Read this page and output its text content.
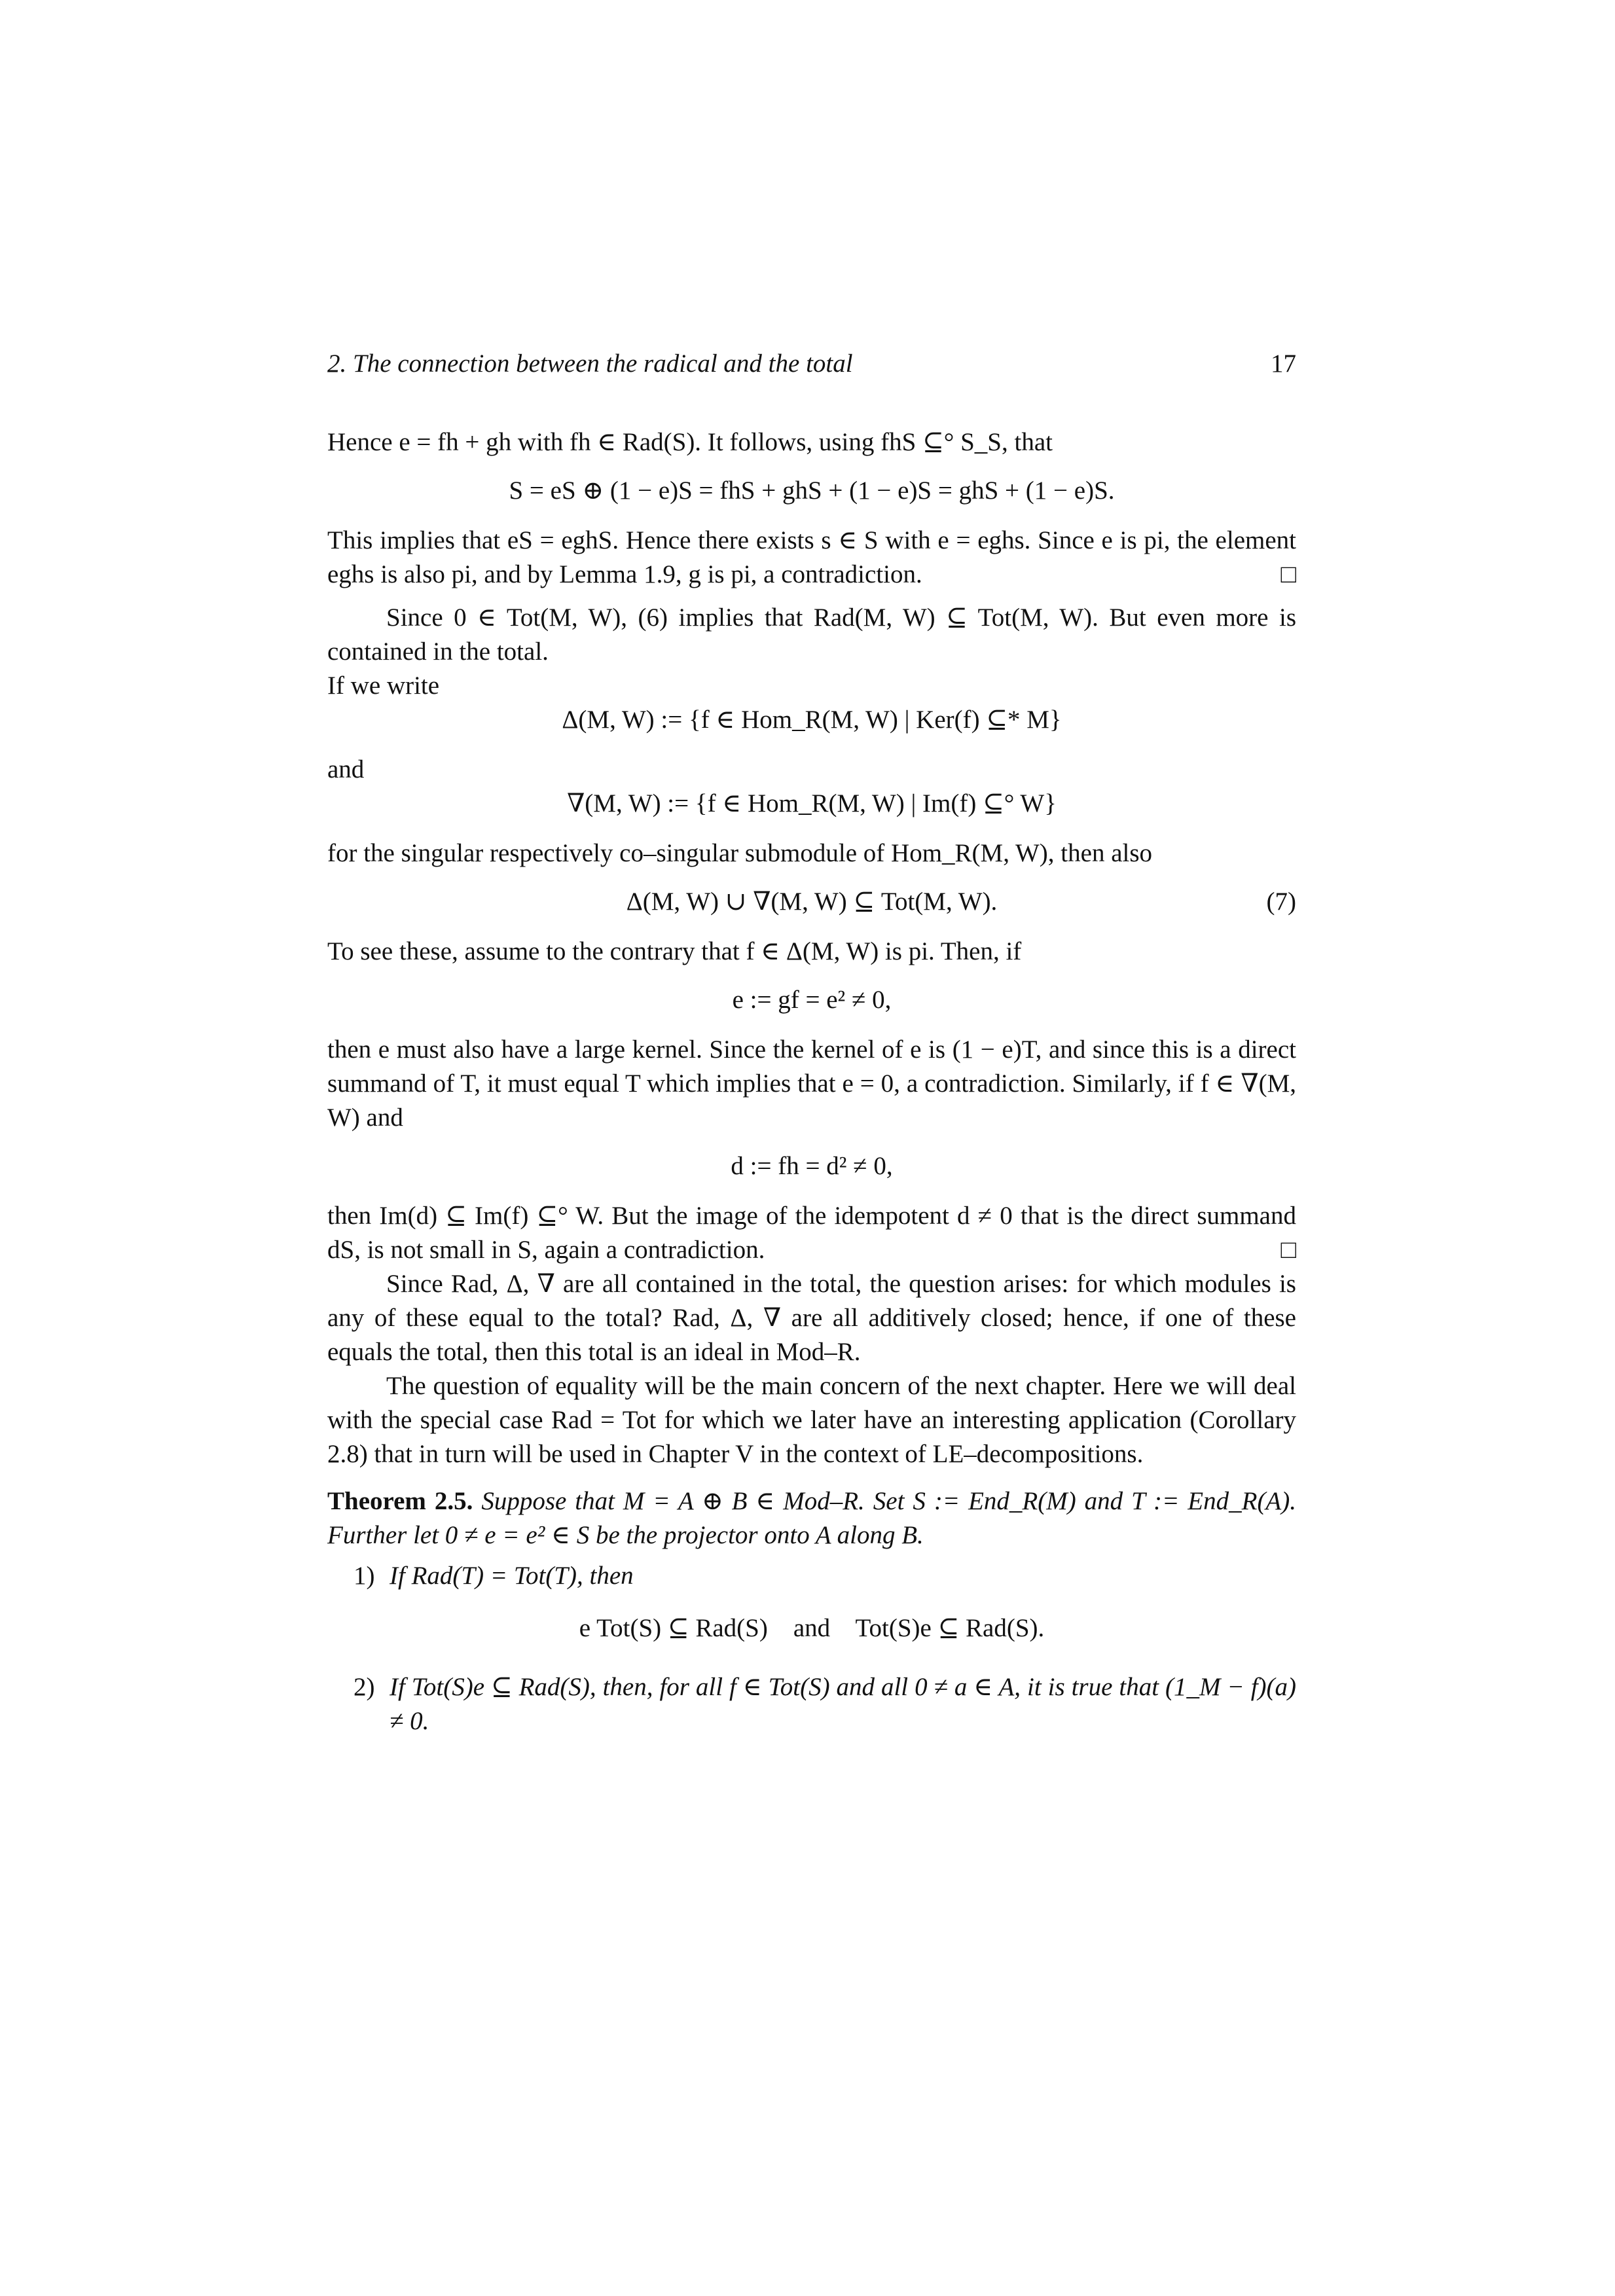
2. The connection between the radical and the total	17

Hence e = fh + gh with fh ∈ Rad(S). It follows, using fhS ⊆° S_S, that

S = eS ⊕ (1 − e)S = fhS + ghS + (1 − e)S = ghS + (1 − e)S.

This implies that eS = eghS. Hence there exists s ∈ S with e = eghs. Since e is pi, the element eghs is also pi, and by Lemma 1.9, g is pi, a contradiction.	□

Since 0 ∈ Tot(M, W), (6) implies that Rad(M, W) ⊆ Tot(M, W). But even more is contained in the total.

If we write

Δ(M, W) := {f ∈ Hom_R(M, W) | Ker(f) ⊆* M}

and

∇(M, W) := {f ∈ Hom_R(M, W) | Im(f) ⊆° W}

for the singular respectively co–singular submodule of Hom_R(M, W), then also

Δ(M, W) ∪ ∇(M, W) ⊆ Tot(M, W).	(7)

To see these, assume to the contrary that f ∈ Δ(M, W) is pi. Then, if

e := gf = e² ≠ 0,

then e must also have a large kernel. Since the kernel of e is (1 − e)T, and since this is a direct summand of T, it must equal T which implies that e = 0, a contradiction. Similarly, if f ∈ ∇(M, W) and

d := fh = d² ≠ 0,

then Im(d) ⊆ Im(f) ⊆° W. But the image of the idempotent d ≠ 0 that is the direct summand dS, is not small in S, again a contradiction.	□

Since Rad, Δ, ∇ are all contained in the total, the question arises: for which modules is any of these equal to the total? Rad, Δ, ∇ are all additively closed; hence, if one of these equals the total, then this total is an ideal in Mod–R.

The question of equality will be the main concern of the next chapter. Here we will deal with the special case Rad = Tot for which we later have an interesting application (Corollary 2.8) that in turn will be used in Chapter V in the context of LE–decompositions.

Theorem 2.5. Suppose that M = A ⊕ B ∈ Mod–R. Set S := End_R(M) and T := End_R(A). Further let 0 ≠ e = e² ∈ S be the projector onto A along B.

1) If Rad(T) = Tot(T), then
e Tot(S) ⊆ Rad(S)    and    Tot(S)e ⊆ Rad(S).
2) If Tot(S)e ⊆ Rad(S), then, for all f ∈ Tot(S) and all 0 ≠ a ∈ A, it is true that (1_M − f)(a) ≠ 0.
